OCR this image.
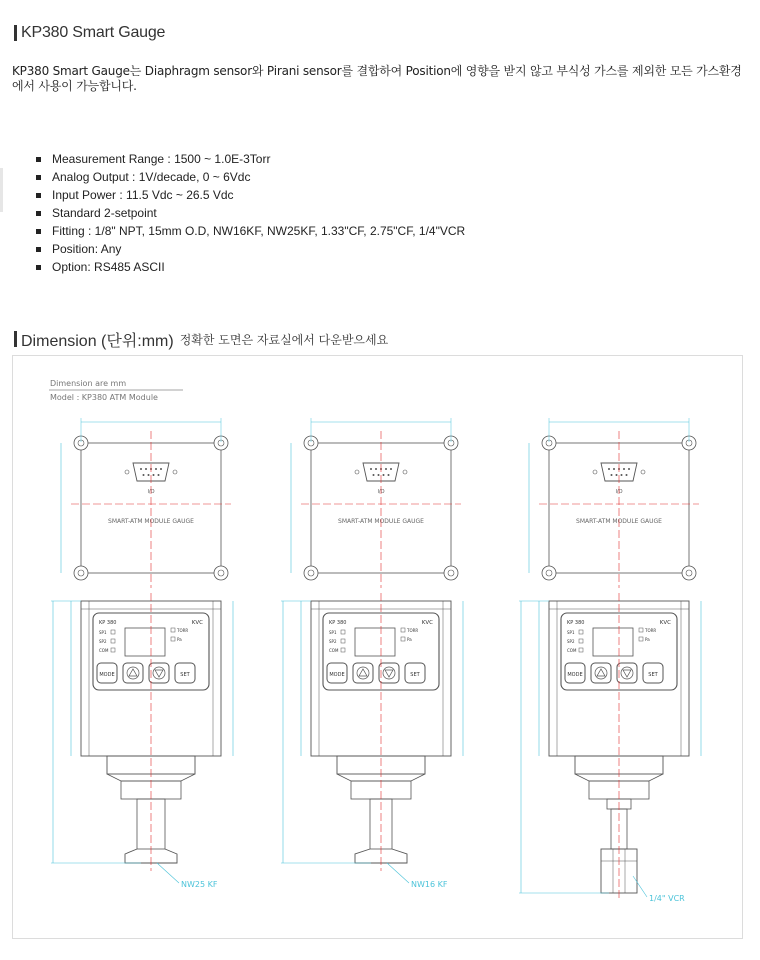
KP380 Smart Gauge
KP380 Smart Gauge는 Diaphragm sensor와 Pirani sensor를 결합하여 Position에 영향을 받지 않고 부식성 가스를 제외한 모든 가스환경에서 사용이 가능합니다.
Measurement Range : 1500 ~ 1.0E-3Torr
Analog Output : 1V/decade, 0 ~ 6Vdc
Input Power : 11.5 Vdc ~ 26.5 Vdc
Standard 2-setpoint
Fitting : 1/8" NPT, 15mm O.D, NW16KF, NW25KF, 1.33"CF, 2.75"CF, 1/4"VCR
Position: Any
Option: RS485 ASCII
Dimension (단위:mm) 정확한 도면은 자료실에서 다운받으세요
Dimension are mm
Model : KP380 ATM Module
I/O
SMART-ATM MODULE GAUGE
KP 380	KVC
SP1
SP2
COM
TORR
Pa
MODE	SET
NW25 KF
I/O
SMART-ATM MODULE GAUGE
KP 380	KVC
SP1
SP2
COM
TORR
Pa
MODE	SET
NW16 KF
I/O
SMART-ATM MODULE GAUGE
KP 380	KVC
SP1
SP2
COM
TORR
Pa
MODE	SET
1/4" VCR
